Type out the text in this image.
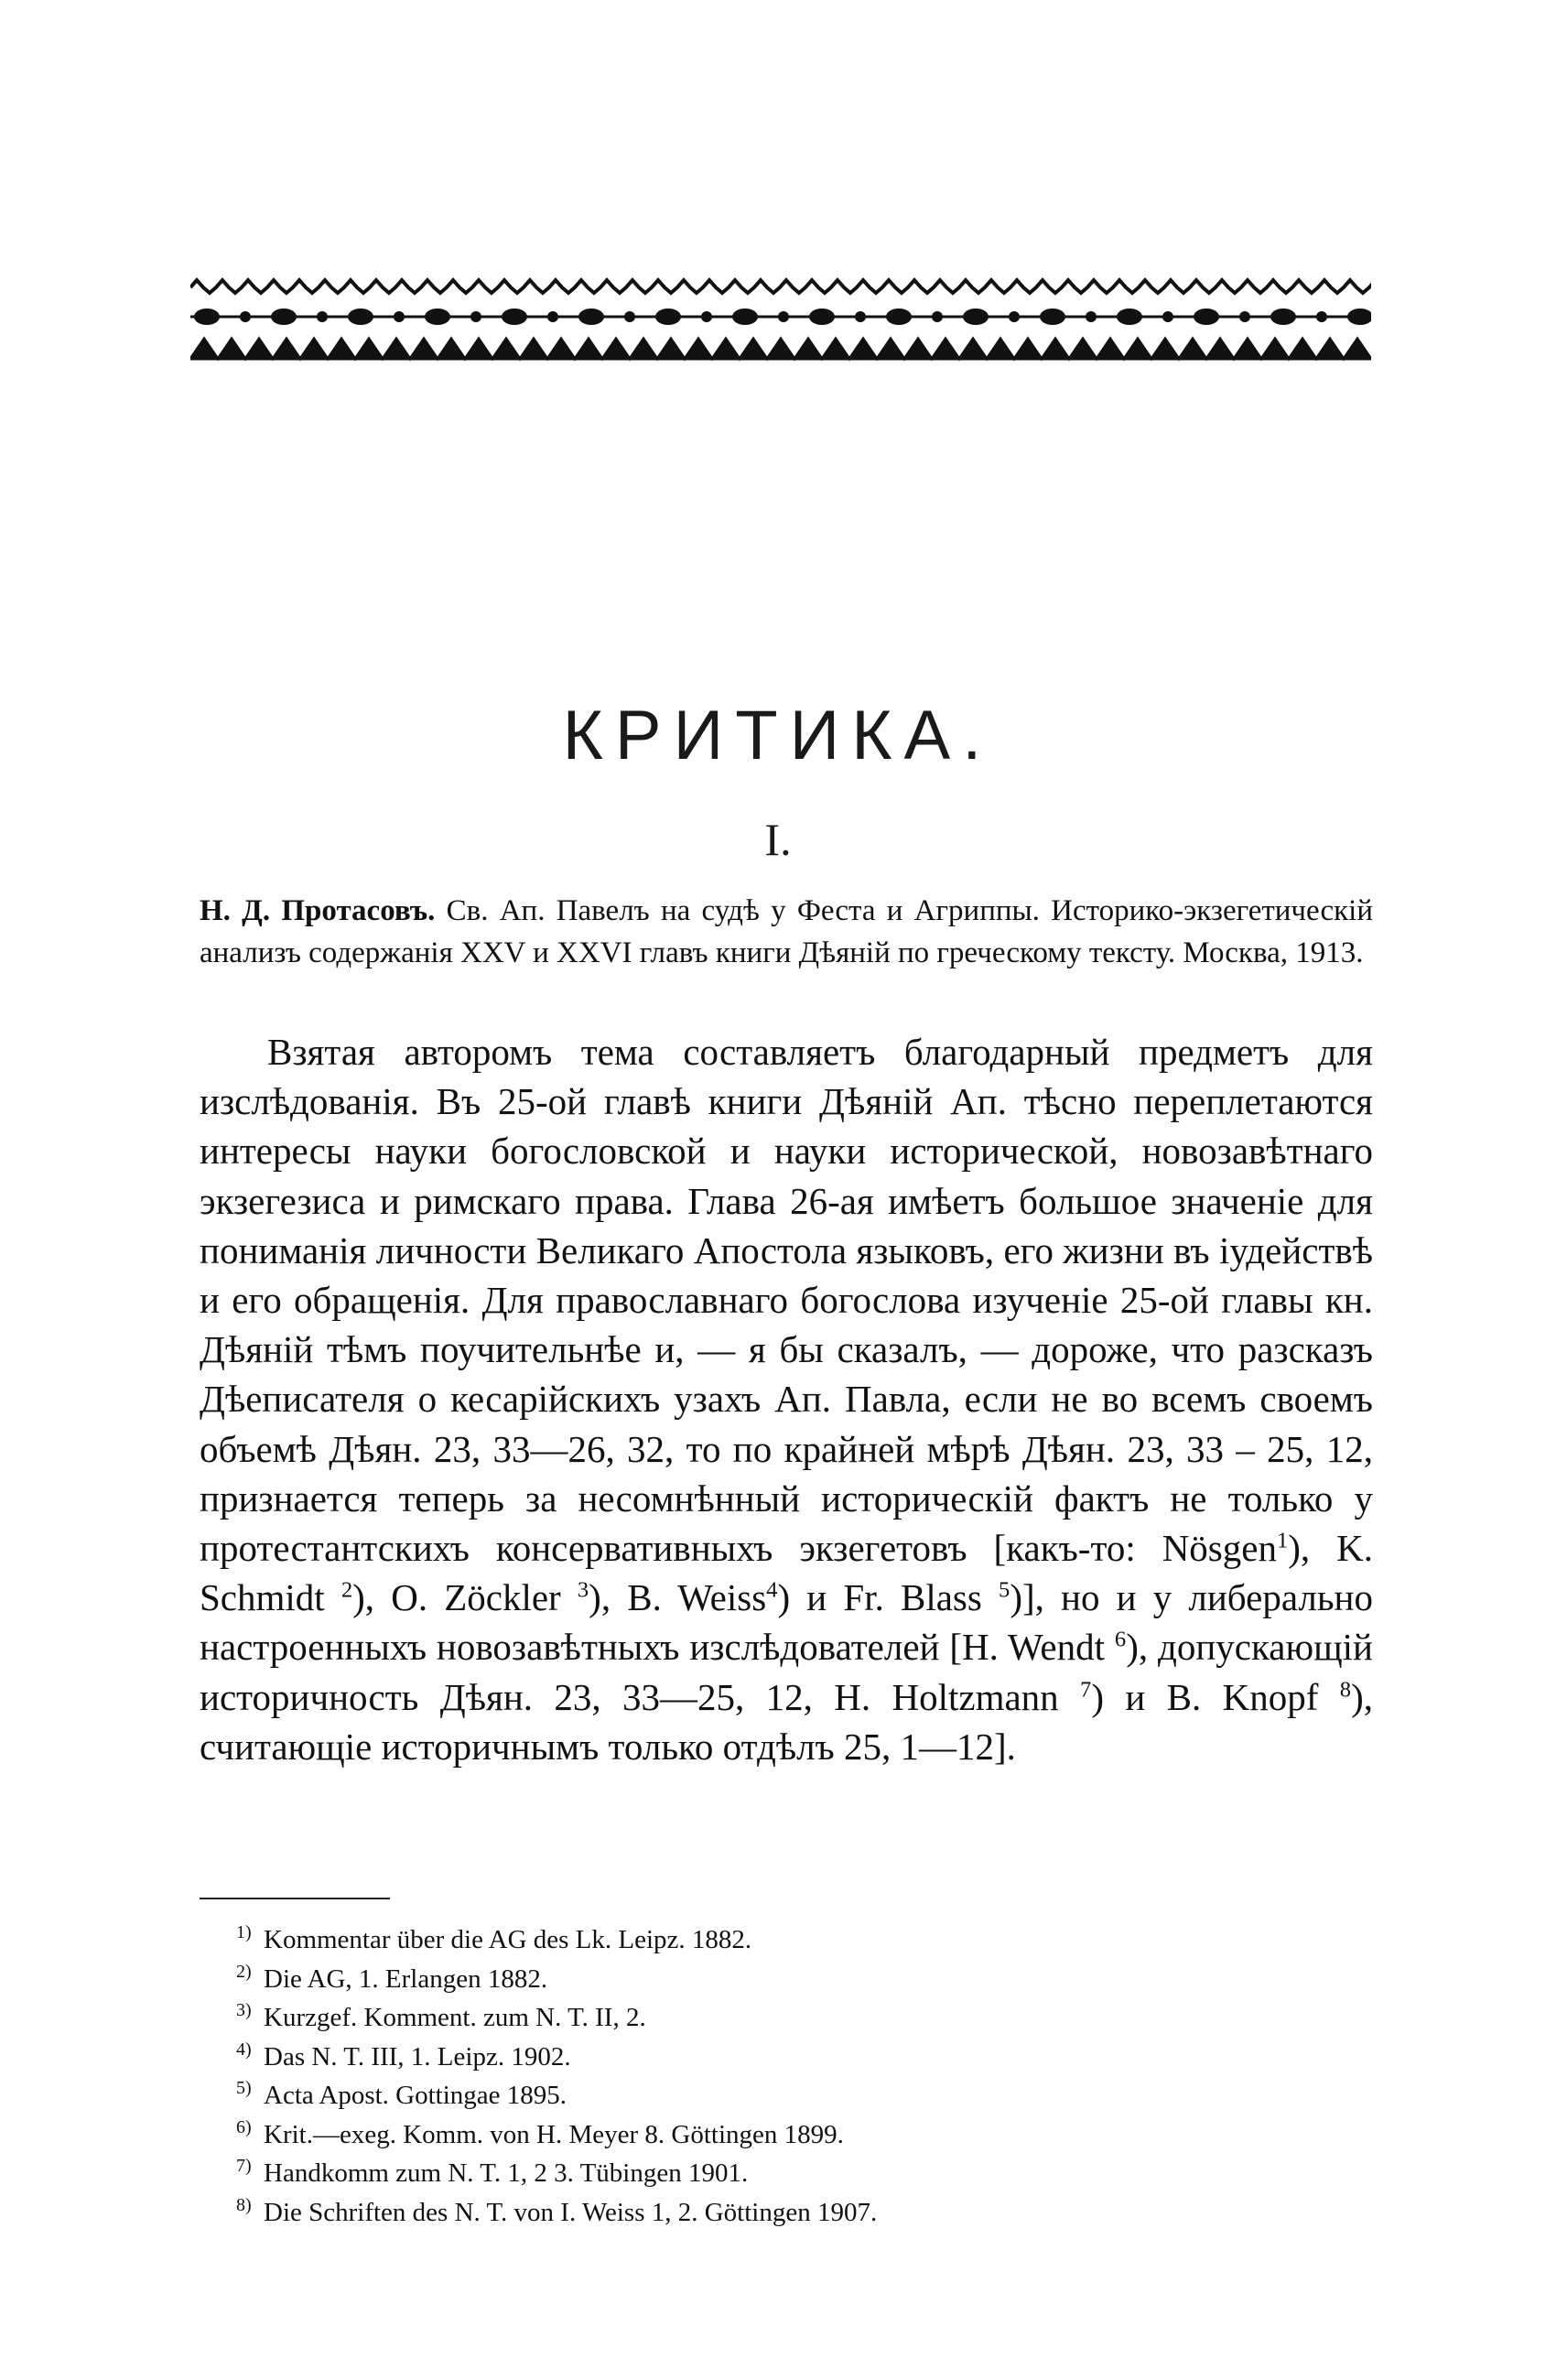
КРИТИКА.
I.
Н. Д. Протасовъ. Св. Ап. Павелъ на судѣ у Феста и Агриппы. Историко-экзегетическій анализъ содержанія XXV и XXVI главъ книги Дѣяній по греческому тексту. Москва, 1913.

Взятая авторомъ тема составляетъ благодарный предметъ для изслѣдованія. Въ 25-ой главѣ книги Дѣяній Ап. тѣсно переплетаются интересы науки богословской и науки исторической, новозавѣтнаго экзегезиса и римскаго права. Глава 26-ая имѣетъ большое значеніе для пониманія личности Великаго Апостола языковъ, его жизни въ іудействѣ и его обращенія. Для православнаго богослова изученіе 25-ой главы кн. Дѣяній тѣмъ поучительнѣе и, — я бы сказалъ, — дороже, что разсказъ Дѣеписателя о кесарійскихъ узахъ Ап. Павла, если не во всемъ своемъ объемѣ Дѣян. 23, 33—26, 32, то по крайней мѣрѣ Дѣян. 23, 33 – 25, 12, признается теперь за несомнѣнный историческій фактъ не только у протестантскихъ консервативныхъ экзегетовъ [какъ-то: Nösgen$^1$), K. Schmidt $^2$), O. Zöckler $^3$), B. Weiss$^4$) и Fr. Blass $^5$)], но и у либерально настроенныхъ новозавѣтныхъ изслѣдователей [H. Wendt $^6$), допускающій историчность Дѣян. 23, 33—25, 12, H. Holtzmann $^7$) и B. Knopf $^8$), считающіе историчнымъ только отдѣлъ 25, 1—12].

1) Kommentar über die AG des Lk. Leipz. 1882.
2) Die AG, 1. Erlangen 1882.
3) Kurzgef. Komment. zum N. T. II, 2.
4) Das N. T. III, 1. Leipz. 1902.
5) Acta Apost. Gottingae 1895.
6) Krit.—exeg. Komm. von H. Meyer 8. Göttingen 1899.
7) Handkomm zum N. T. 1, 2 3. Tübingen 1901.
8) Die Schriften des N. T. von I. Weiss 1, 2. Göttingen 1907.
